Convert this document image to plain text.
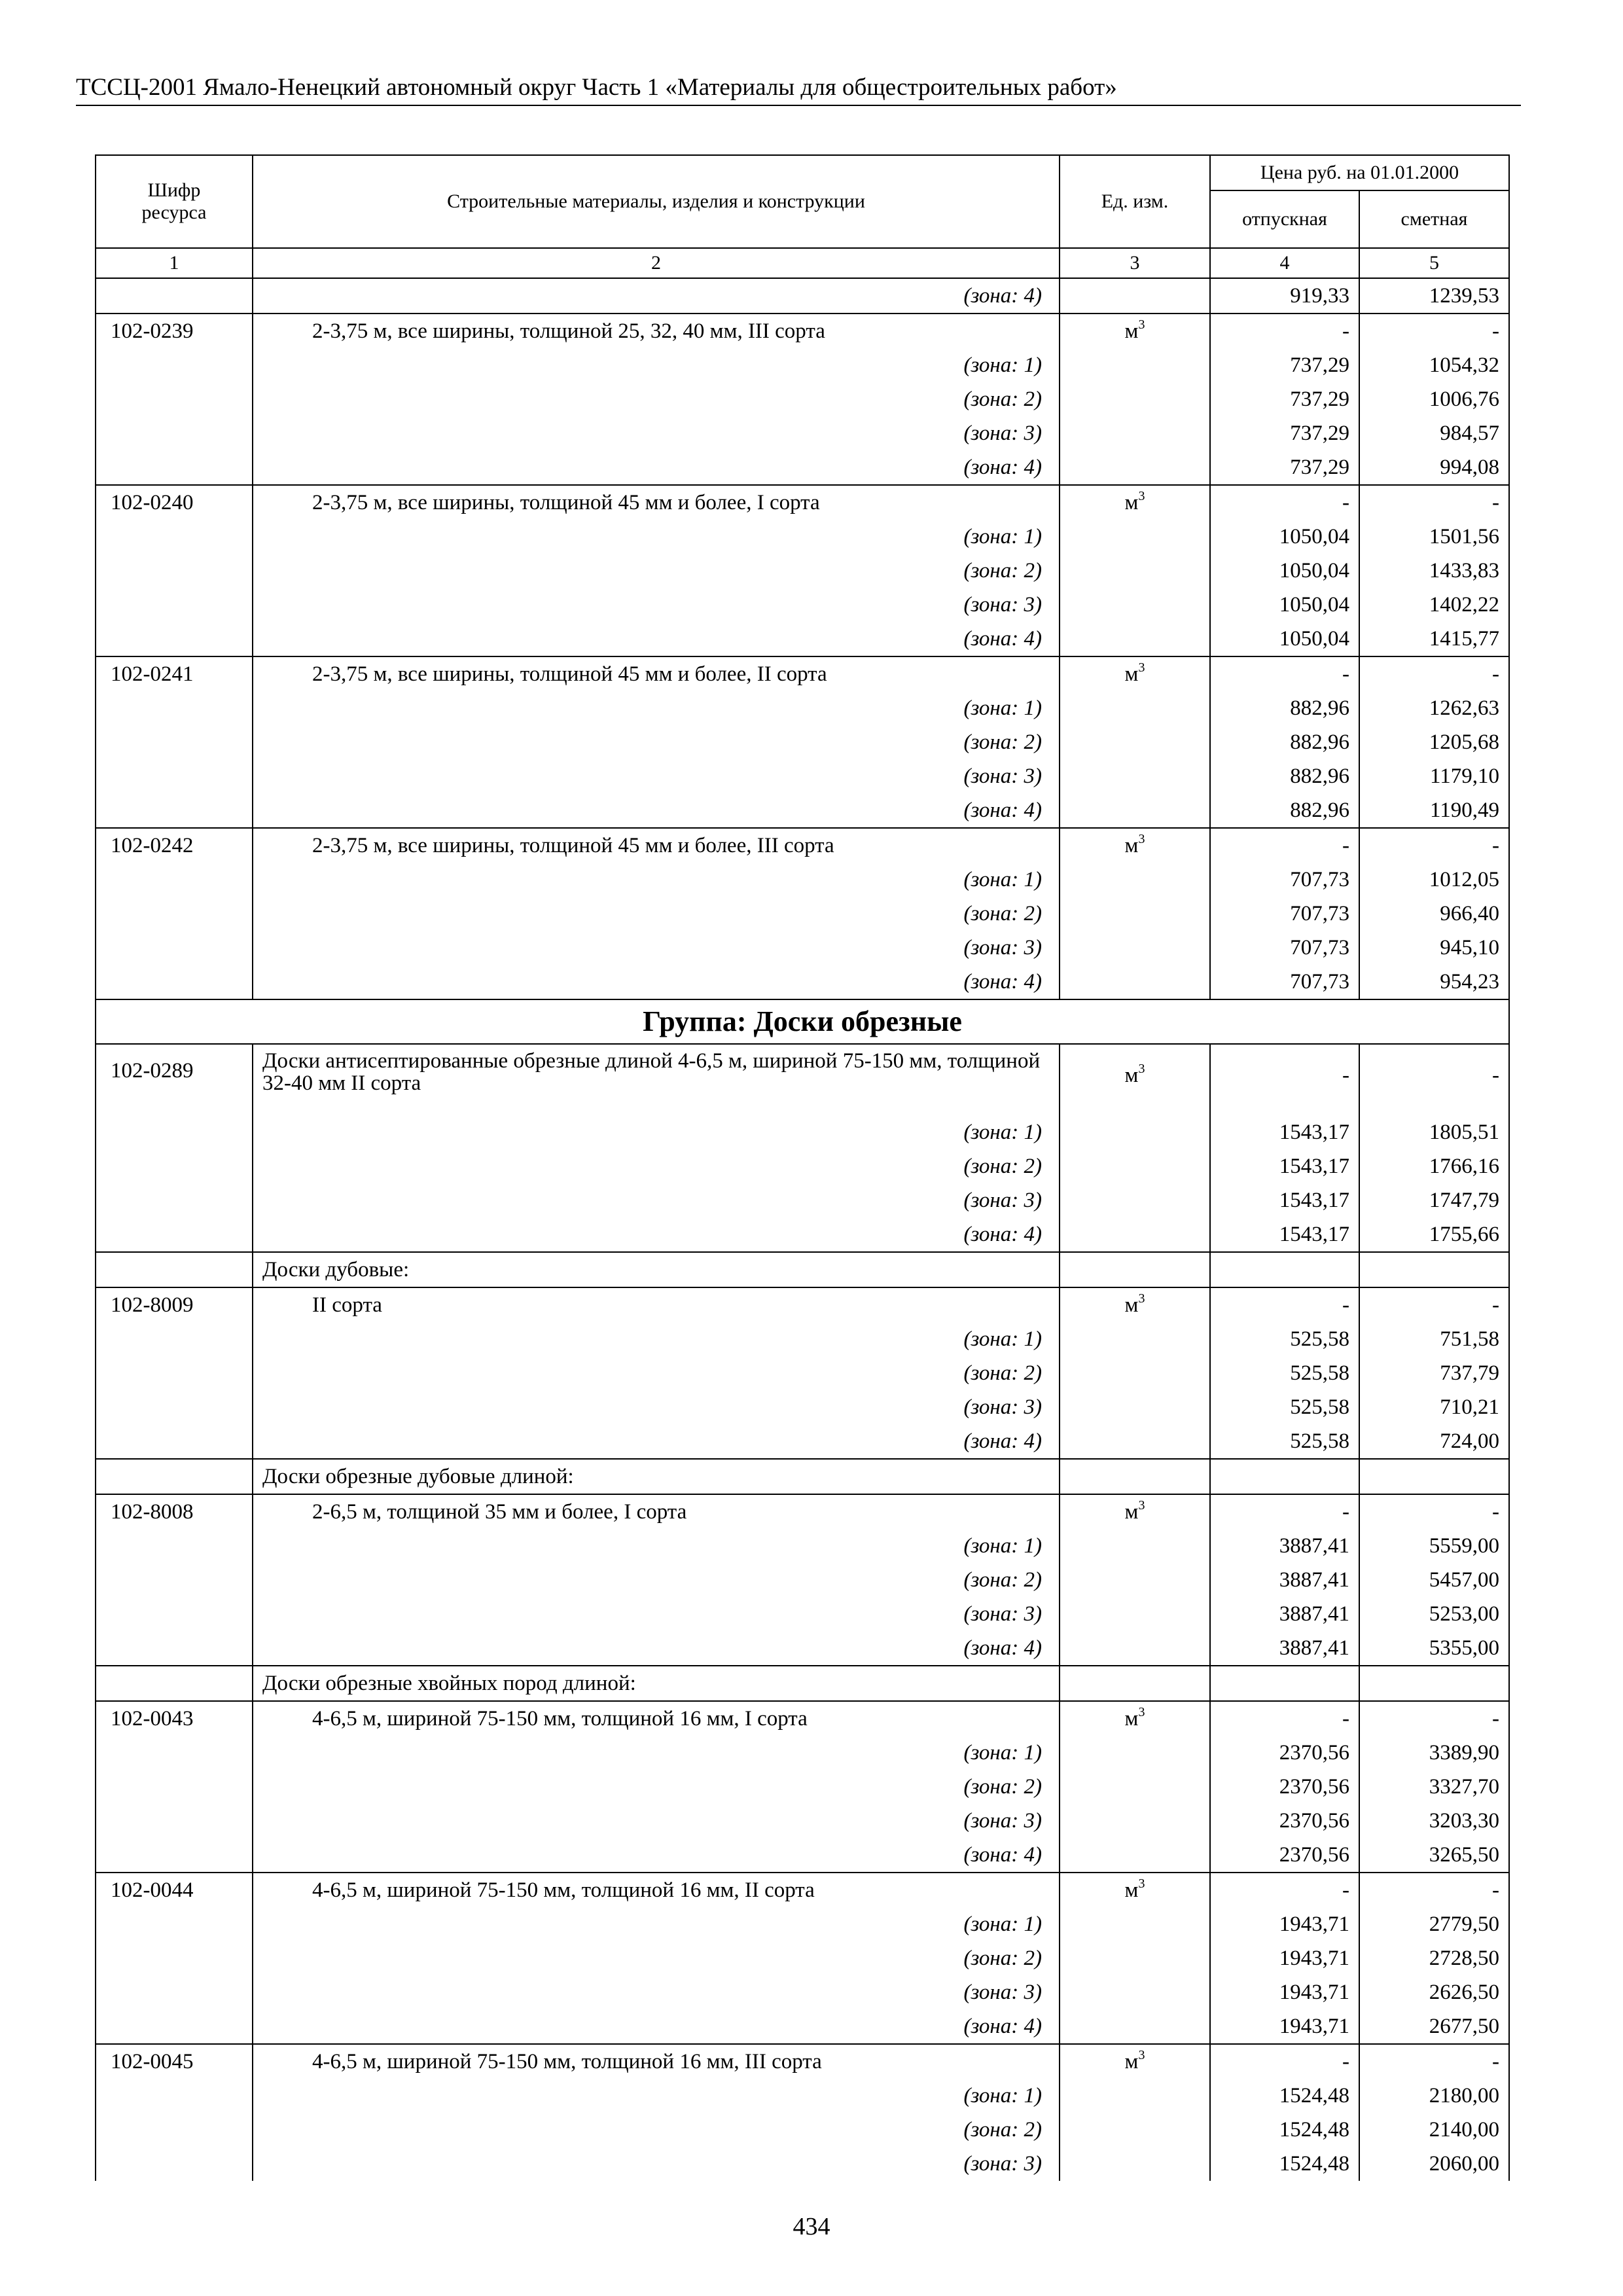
ТССЦ-2001 Ямало-Ненецкий автономный округ Часть 1 «Материалы для общестроительных работ»
Шифр ресурса	Строительные материалы, изделия и конструкции	Ед. изм.	Цена руб. на 01.01.2000	
			отпускная	сметная
1	2	3	4	5
	(зона: 4)		919,33	1239,53
102-0239	2-3,75 м, все ширины, толщиной 25, 32, 40 мм, III сорта	$м^3$	-	-
	(зона: 1)		737,29	1054,32
	(зона: 2)		737,29	1006,76
	(зона: 3)		737,29	984,57
	(зона: 4)		737,29	994,08
102-0240	2-3,75 м, все ширины, толщиной 45 мм и более, I сорта	$м^3$	-	-
	(зона: 1)		1050,04	1501,56
	(зона: 2)		1050,04	1433,83
	(зона: 3)		1050,04	1402,22
	(зона: 4)		1050,04	1415,77
102-0241	2-3,75 м, все ширины, толщиной 45 мм и более, II сорта	$м^3$	-	-
	(зона: 1)		882,96	1262,63
	(зона: 2)		882,96	1205,68
	(зона: 3)		882,96	1179,10
	(зона: 4)		882,96	1190,49
102-0242	2-3,75 м, все ширины, толщиной 45 мм и более, III сорта	$м^3$	-	-
	(зона: 1)		707,73	1012,05
	(зона: 2)		707,73	966,40
	(зона: 3)		707,73	945,10
	(зона: 4)		707,73	954,23
Группа: Доски обрезные				
102-0289	Доски антисептированные обрезные длиной 4-6,5 м, шириной 75-150 мм, толщиной 32-40 мм II сорта	$м^3$	-	-
	(зона: 1)		1543,17	1805,51
	(зона: 2)		1543,17	1766,16
	(зона: 3)		1543,17	1747,79
	(зона: 4)		1543,17	1755,66
	Доски дубовые:			
102-8009	II сорта	$м^3$	-	-
	(зона: 1)		525,58	751,58
	(зона: 2)		525,58	737,79
	(зона: 3)		525,58	710,21
	(зона: 4)		525,58	724,00
	Доски обрезные дубовые длиной:			
102-8008	2-6,5 м, толщиной 35 мм и более, I сорта	$м^3$	-	-
	(зона: 1)		3887,41	5559,00
	(зона: 2)		3887,41	5457,00
	(зона: 3)		3887,41	5253,00
	(зона: 4)		3887,41	5355,00
	Доски обрезные хвойных пород длиной:			
102-0043	4-6,5 м, шириной 75-150 мм, толщиной 16 мм, I сорта	$м^3$	-	-
	(зона: 1)		2370,56	3389,90
	(зона: 2)		2370,56	3327,70
	(зона: 3)		2370,56	3203,30
	(зона: 4)		2370,56	3265,50
102-0044	4-6,5 м, шириной 75-150 мм, толщиной 16 мм, II сорта	$м^3$	-	-
	(зона: 1)		1943,71	2779,50
	(зона: 2)		1943,71	2728,50
	(зона: 3)		1943,71	2626,50
	(зона: 4)		1943,71	2677,50
102-0045	4-6,5 м, шириной 75-150 мм, толщиной 16 мм, III сорта	$м^3$	-	-
	(зона: 1)		1524,48	2180,00
	(зона: 2)		1524,48	2140,00
	(зона: 3)		1524,48	2060,00
434
